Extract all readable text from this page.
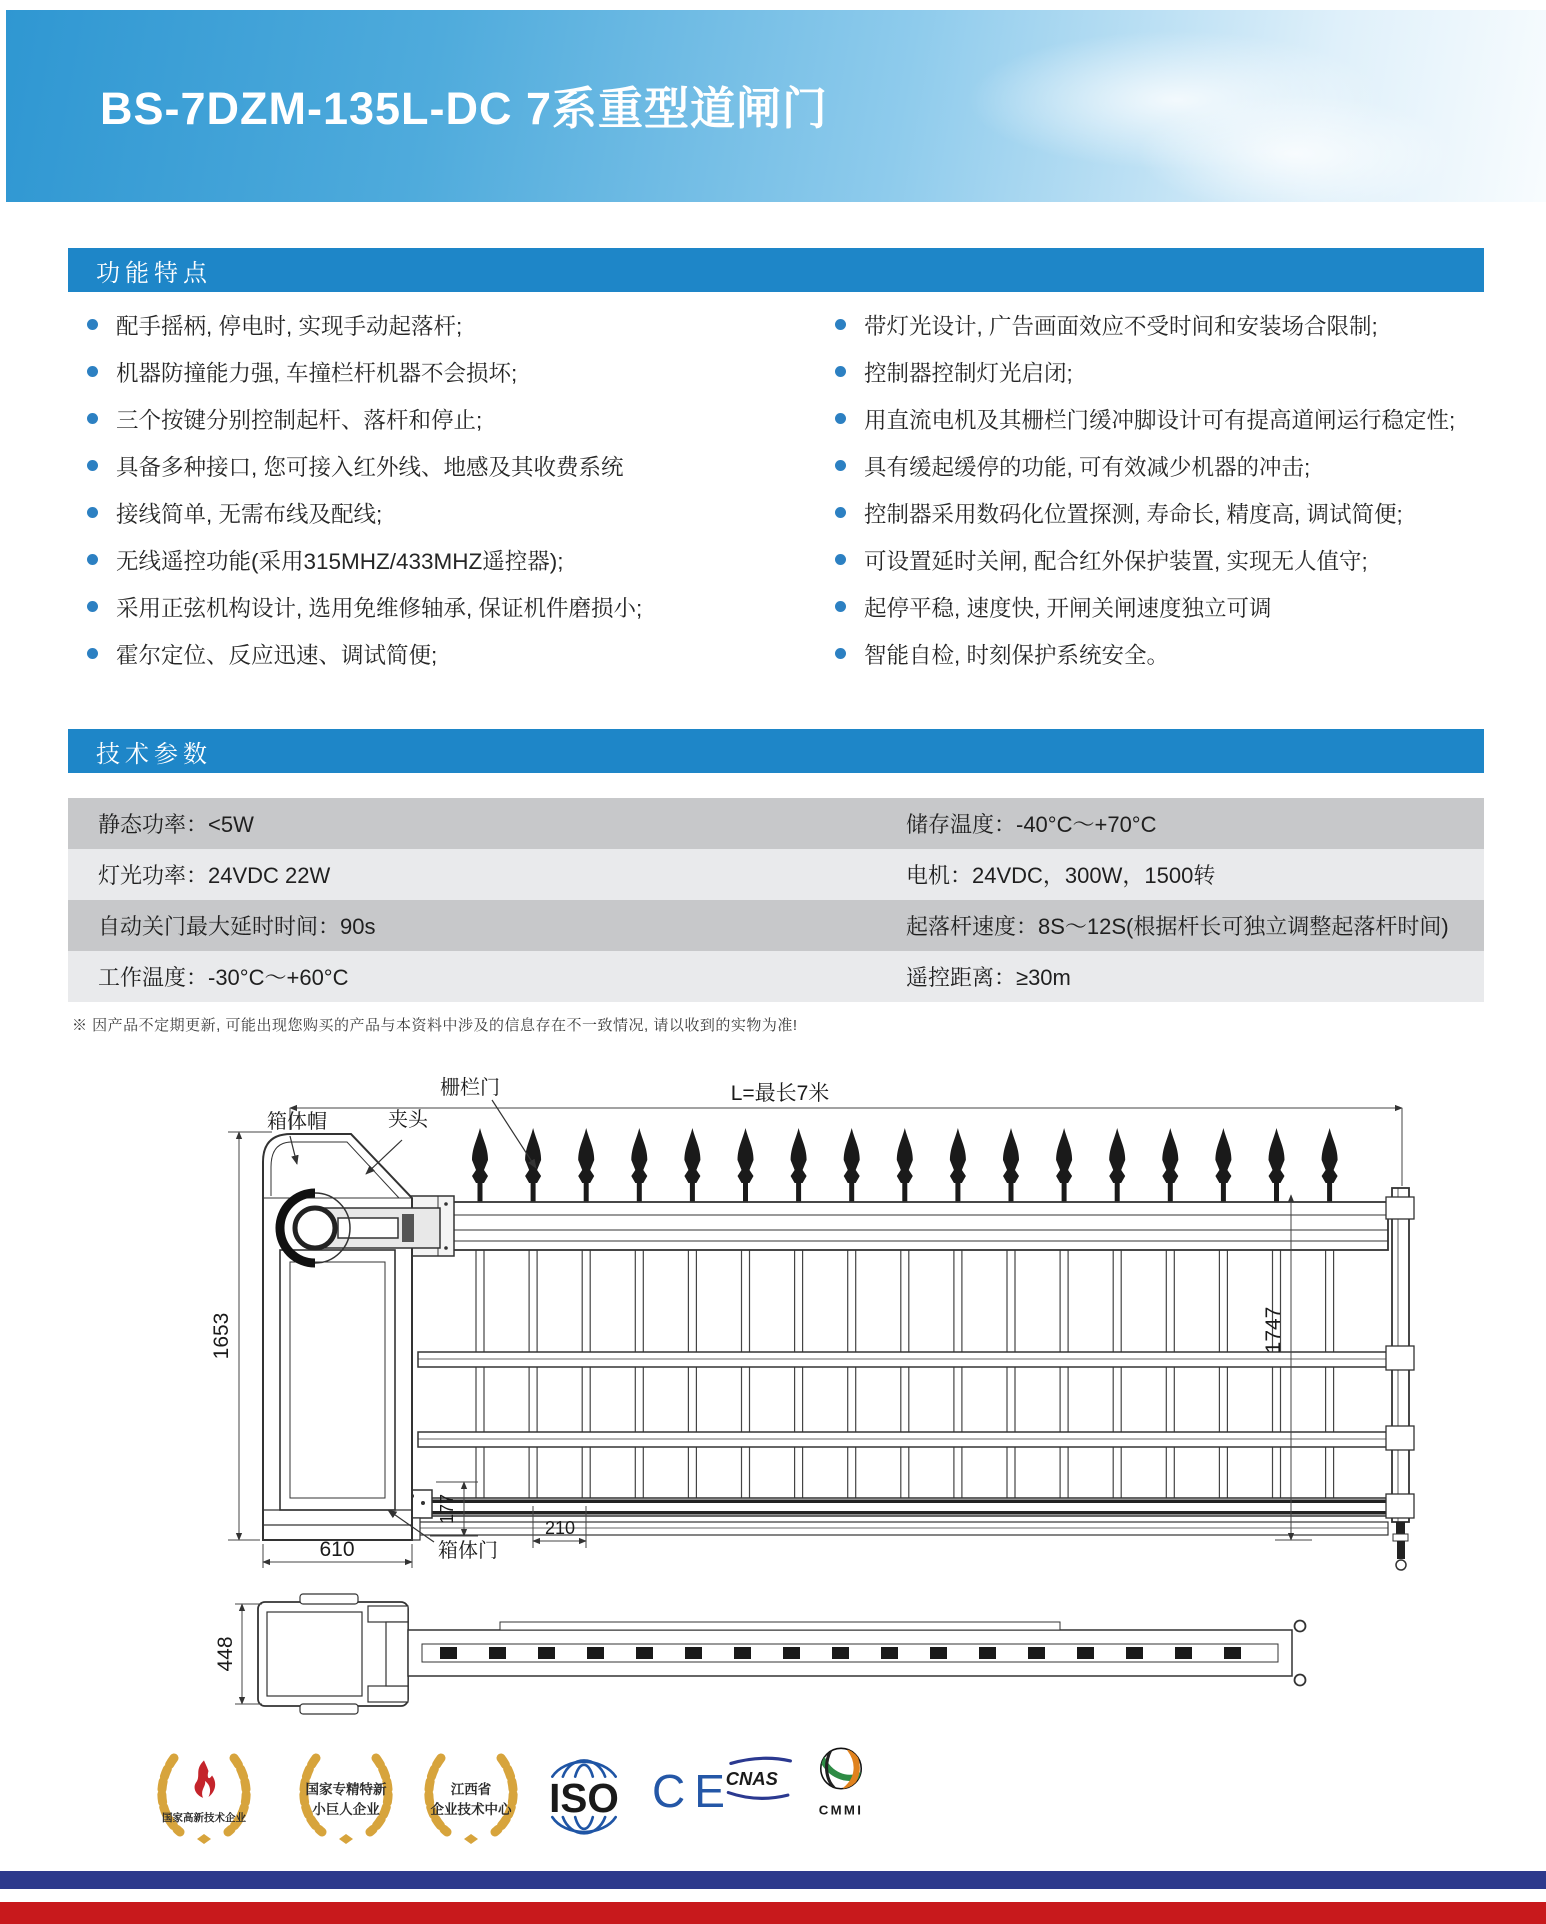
BS-7DZM-135L-DC 7系重型道闸门
功能特点
配手摇柄, 停电时, 实现手动起落杆;
机器防撞能力强, 车撞栏杆机器不会损坏;
三个按键分别控制起杆、落杆和停止;
具备多种接口, 您可接入红外线、地感及其收费系统
接线简单, 无需布线及配线;
无线遥控功能(采用315MHZ/433MHZ遥控器);
采用正弦机构设计, 选用免维修轴承, 保证机件磨损小;
霍尔定位、反应迅速、调试简便;
带灯光设计, 广告画面效应不受时间和安装场合限制;
控制器控制灯光启闭;
用直流电机及其栅栏门缓冲脚设计可有提高道闸运行稳定性;
具有缓起缓停的功能, 可有效减少机器的冲击;
控制器采用数码化位置探测, 寿命长, 精度高, 调试简便;
可设置延时关闸, 配合红外保护装置, 实现无人值守;
起停平稳, 速度快, 开闸关闸速度独立可调
智能自检, 时刻保护系统安全。
技术参数
静态功率：<5W	储存温度：-40°C～+70°C
灯光功率：24VDC 22W	电机：24VDC，300W，1500转
自动关门最大延时时间：90s	起落杆速度：8S～12S(根据杆长可独立调整起落杆时间)
工作温度：-30°C～+60°C	遥控距离：≥30m

※ 因产品不定期更新, 可能出现您购买的产品与本资料中涉及的信息存在不一致情况, 请以收到的实物为准!

箱体帽	夹头
栅栏门
箱体门
L=最长7米
1653	1747
610
177
210
448
国家高新技术企业
国家专精特新
小巨人企业
江西省
企业技术中心 ISO CE
CNAS
CMMI
